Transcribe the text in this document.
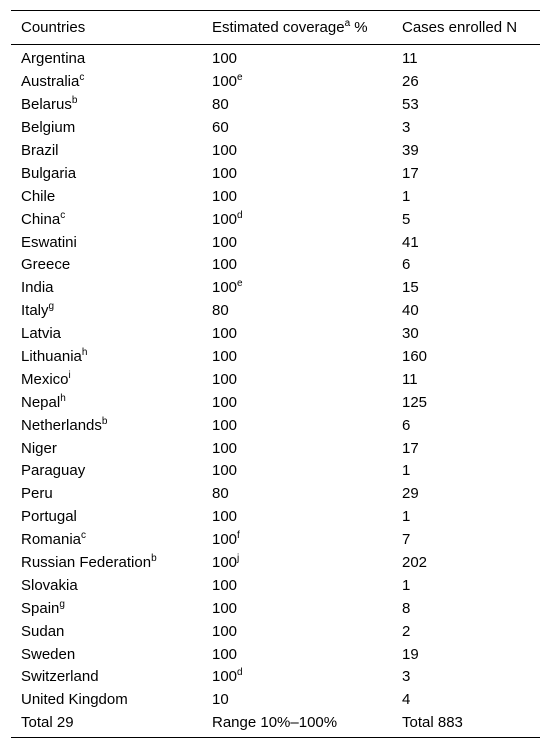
Countries	Estimated coverage$^a$ %	Cases enrolled N
Argentina	100	11
Australia$^c$	100e	26
Belarus$^b$	80	53
Belgium	60	3
Brazil	100	39
Bulgaria	100	17
Chile	100	1
China$^c$	100$^d$	5
Eswatini	100	41
Greece	100	6
India	100e	15
Italy$^g$	80	40
Latvia	100	30
Lithuania$^h$	100	160
Mexico$^i$	100	11
Nepal$^h$	100	125
Netherlands$^b$	100	6
Niger	100	17
Paraguay	100	1
Peru	80	29
Portugal	100	1
Romania$^c$	100$^f$	7
Russian Federation$^b$	100$^j$	202
Slovakia	100	1
Spain$^g$	100	8
Sudan	100	2
Sweden	100	19
Switzerland	100$^d$	3
United Kingdom	10	4
Total 29	Range 10%–100%	Total 883
